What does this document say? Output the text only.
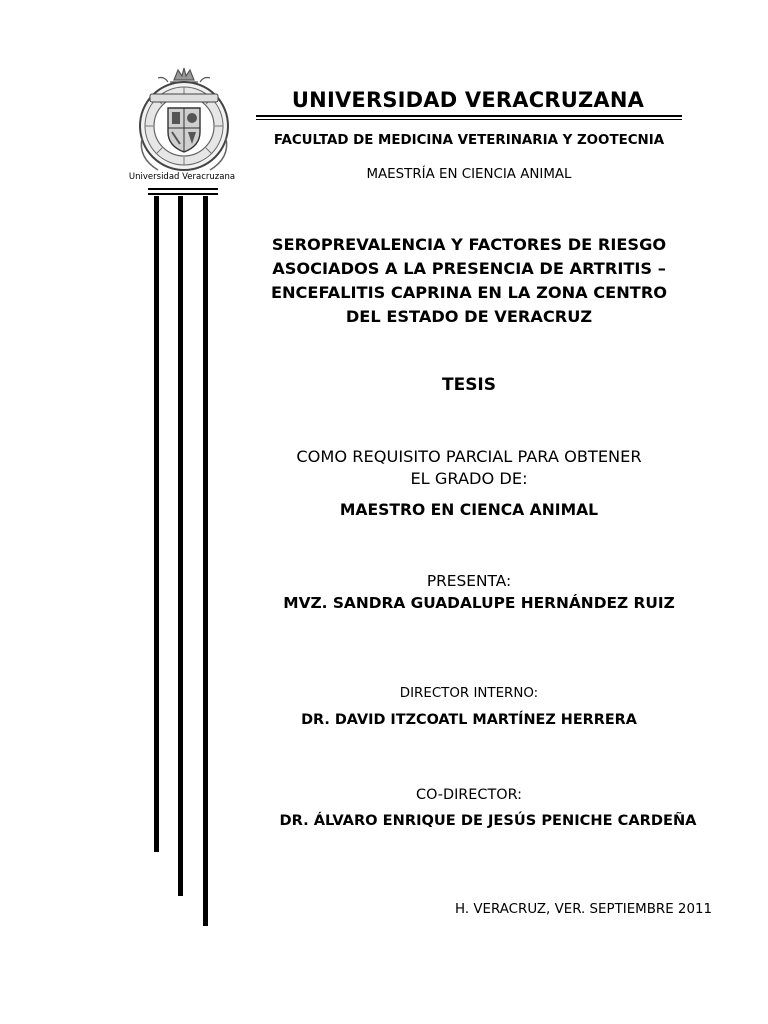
Universidad Veracruzana
UNIVERSIDAD VERACRUZANA
FACULTAD DE MEDICINA VETERINARIA Y ZOOTECNIA
MAESTRÍA EN CIENCIA ANIMAL
SEROPREVALENCIA Y FACTORES DE RIESGO
ASOCIADOS A LA PRESENCIA DE ARTRITIS –
ENCEFALITIS CAPRINA EN LA ZONA CENTRO
DEL ESTADO DE VERACRUZ
TESIS
COMO REQUISITO PARCIAL PARA OBTENER
EL GRADO DE:
MAESTRO EN CIENCA ANIMAL
PRESENTA:
MVZ. SANDRA GUADALUPE HERNÁNDEZ RUIZ
DIRECTOR INTERNO:
DR. DAVID ITZCOATL MARTÍNEZ HERRERA
CO-DIRECTOR:
DR. ÁLVARO ENRIQUE DE JESÚS PENICHE CARDEÑA
H. VERACRUZ, VER. SEPTIEMBRE 2011
